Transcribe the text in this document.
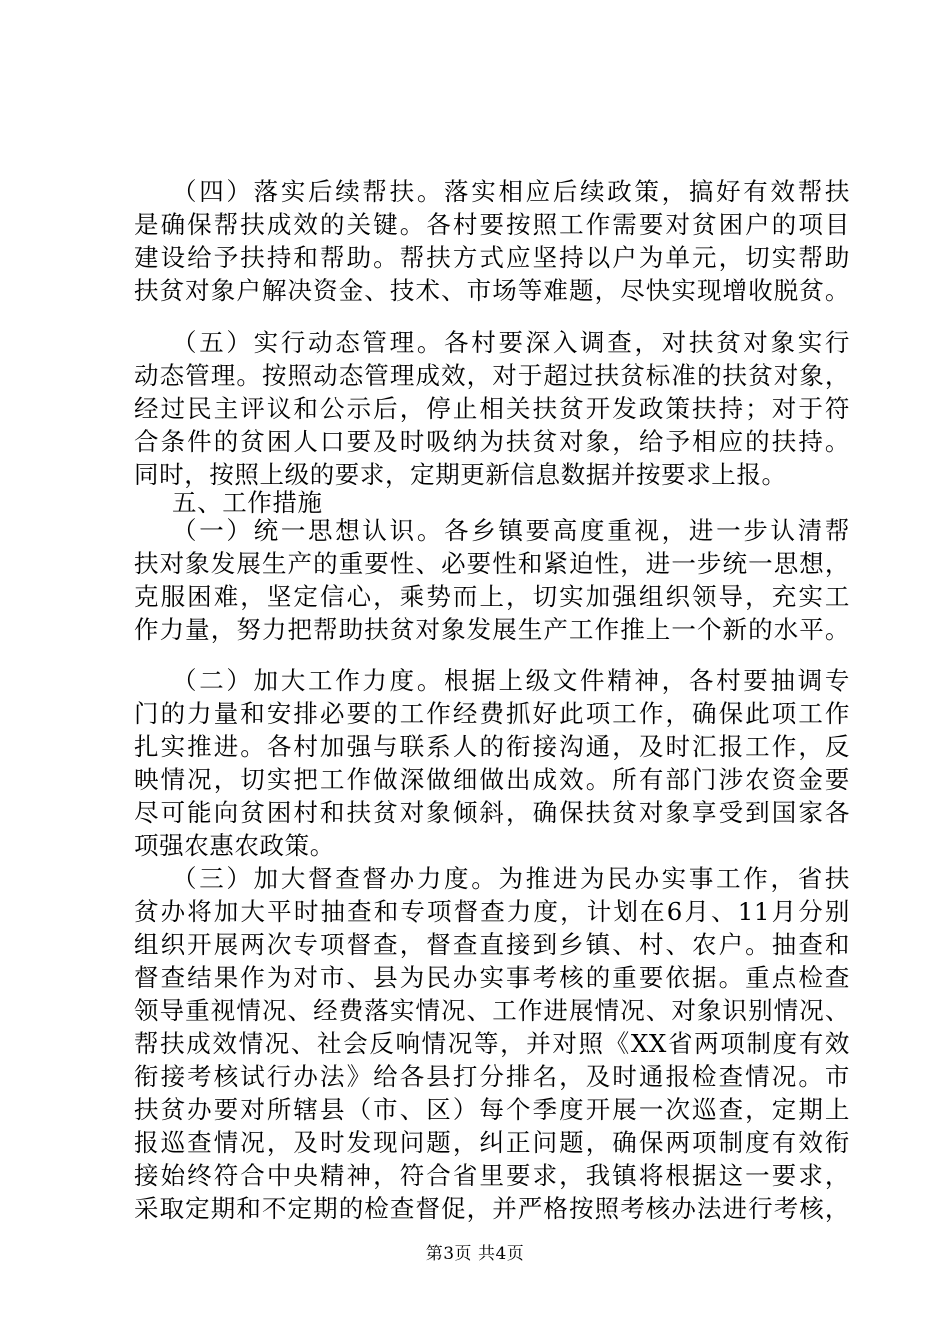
（四）落实后续帮扶。落实相应后续政策，搞好有效帮扶
是确保帮扶成效的关键。各村要按照工作需要对贫困户的项目
建设给予扶持和帮助。帮扶方式应坚持以户为单元，切实帮助
扶贫对象户解决资金、技术、市场等难题，尽快实现增收脱贫。
（五）实行动态管理。各村要深入调查，对扶贫对象实行
动态管理。按照动态管理成效，对于超过扶贫标准的扶贫对象，
经过民主评议和公示后，停止相关扶贫开发政策扶持；对于符
合条件的贫困人口要及时吸纳为扶贫对象，给予相应的扶持。
同时，按照上级的要求，定期更新信息数据并按要求上报。
五、工作措施
（一）统一思想认识。各乡镇要高度重视，进一步认清帮
扶对象发展生产的重要性、必要性和紧迫性，进一步统一思想，
克服困难，坚定信心，乘势而上，切实加强组织领导，充实工
作力量，努力把帮助扶贫对象发展生产工作推上一个新的水平。
（二）加大工作力度。根据上级文件精神，各村要抽调专
门的力量和安排必要的工作经费抓好此项工作，确保此项工作
扎实推进。各村加强与联系人的衔接沟通，及时汇报工作，反
映情况，切实把工作做深做细做出成效。所有部门涉农资金要
尽可能向贫困村和扶贫对象倾斜，确保扶贫对象享受到国家各
项强农惠农政策。
（三）加大督查督办力度。为推进为民办实事工作，省扶
贫办将加大平时抽查和专项督查力度，计划在6月、11月分别
组织开展两次专项督查，督查直接到乡镇、村、农户。抽查和
督查结果作为对市、县为民办实事考核的重要依据。重点检查
领导重视情况、经费落实情况、工作进展情况、对象识别情况、
帮扶成效情况、社会反响情况等，并对照《XX省两项制度有效
衔接考核试行办法》给各县打分排名，及时通报检查情况。市
扶贫办要对所辖县（市、区）每个季度开展一次巡查，定期上
报巡查情况，及时发现问题，纠正问题，确保两项制度有效衔
接始终符合中央精神，符合省里要求，我镇将根据这一要求，
采取定期和不定期的检查督促，并严格按照考核办法进行考核，
第3页 共4页
